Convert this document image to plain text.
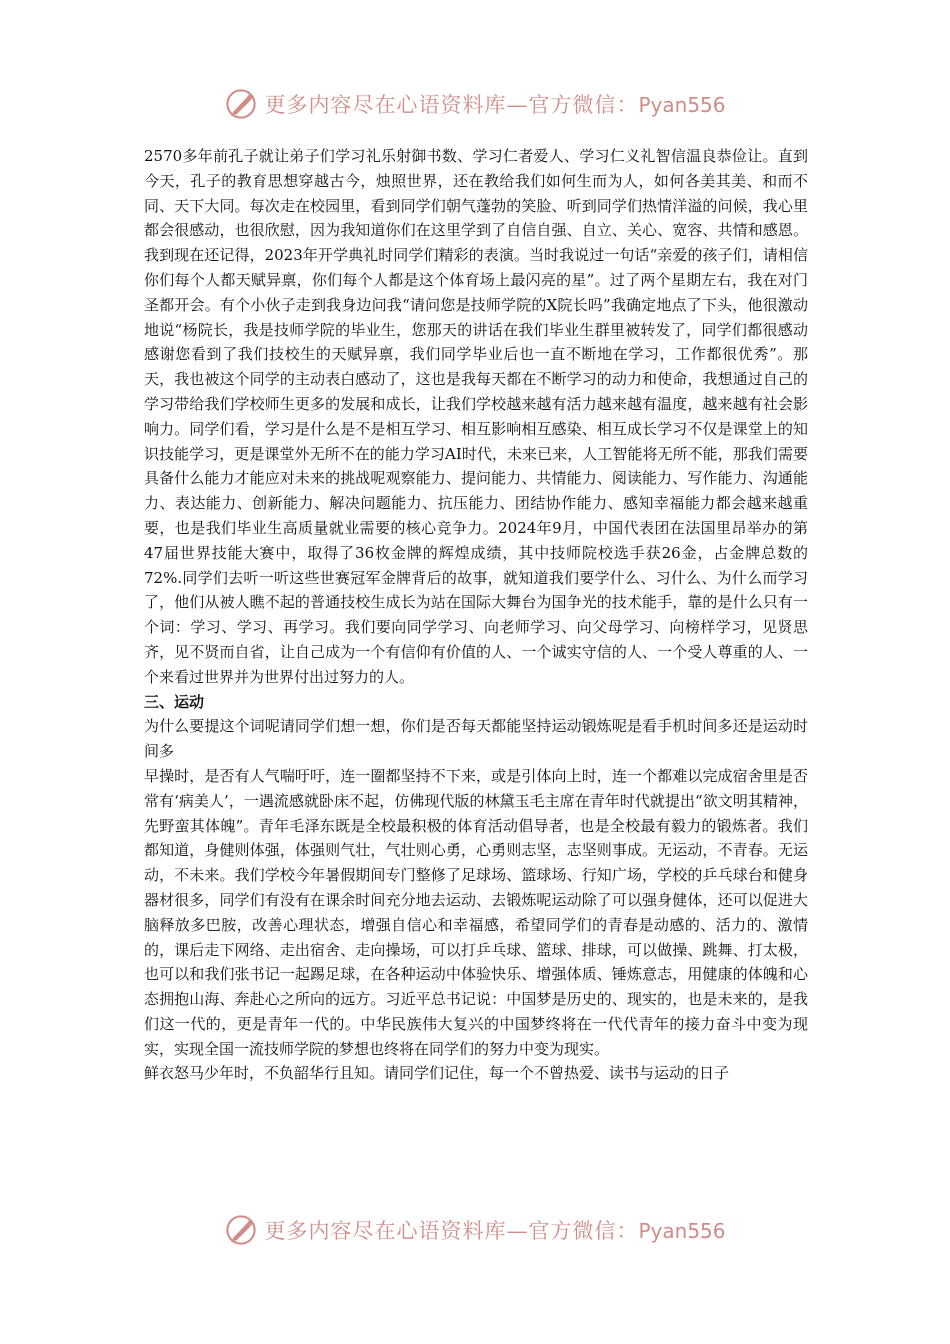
更多内容尽在心语资料库—官方微信：Pyan556

2570多年前孔子就让弟子们学习礼乐射御书数、学习仁者爱人、学习仁义礼智信温良恭俭让。直到今天，孔子的教育思想穿越古今，烛照世界，还在教给我们如何生而为人，如何各美其美、和而不同、天下大同。每次走在校园里，看到同学们朝气蓬勃的笑脸、听到同学们热情洋溢的问候，我心里都会很感动，也很欣慰，因为我知道你们在这里学到了自信自强、自立、关心、宽容、共情和感恩。我到现在还记得，2023年开学典礼时同学们精彩的表演。当时我说过一句话“亲爱的孩子们，请相信你们每个人都天赋异禀，你们每个人都是这个体育场上最闪亮的星”。过了两个星期左右，我在对门圣都开会。有个小伙子走到我身边问我“请问您是技师学院的X院长吗”我确定地点了下头，他很激动地说“杨院长，我是技师学院的毕业生，您那天的讲话在我们毕业生群里被转发了，同学们都很感动感谢您看到了我们技校生的天赋异禀，我们同学毕业后也一直不断地在学习，工作都很优秀”。那天，我也被这个同学的主动表白感动了，这也是我每天都在不断学习的动力和使命，我想通过自己的学习带给我们学校师生更多的发展和成长，让我们学校越来越有活力越来越有温度，越来越有社会影响力。同学们看，学习是什么是不是相互学习、相互影响相互感染、相互成长学习不仅是课堂上的知识技能学习，更是课堂外无所不在的能力学习AI时代，未来已来，人工智能将无所不能，那我们需要具备什么能力才能应对未来的挑战呢观察能力、提问能力、共情能力、阅读能力、写作能力、沟通能力、表达能力、创新能力、解决问题能力、抗压能力、团结协作能力、感知幸福能力都会越来越重要，也是我们毕业生高质量就业需要的核心竞争力。2024年9月，中国代表团在法国里昂举办的第47届世界技能大赛中，取得了36枚金牌的辉煌成绩，其中技师院校选手获26金，占金牌总数的72%.同学们去听一听这些世赛冠军金牌背后的故事，就知道我们要学什么、习什么、为什么而学习了，他们从被人瞧不起的普通技校生成长为站在国际大舞台为国争光的技术能手，靠的是什么只有一个词：学习、学习、再学习。我们要向同学学习、向老师学习、向父母学习、向榜样学习，见贤思齐，见不贤而自省，让自己成为一个有信仰有价值的人、一个诚实守信的人、一个受人尊重的人、一个来看过世界并为世界付出过努力的人。

三、运动

为什么要提这个词呢请同学们想一想，你们是否每天都能坚持运动锻炼呢是看手机时间多还是运动时间多

早操时，是否有人气喘吁吁，连一圈都坚持不下来，或是引体向上时，连一个都难以完成宿舍里是否常有‘病美人’，一遇流感就卧床不起，仿佛现代版的林黛玉毛主席在青年时代就提出“欲文明其精神，先野蛮其体魄”。青年毛泽东既是全校最积极的体育活动倡导者，也是全校最有毅力的锻炼者。我们都知道，身健则体强，体强则气壮，气壮则心勇，心勇则志坚，志坚则事成。无运动，不青春。无运动，不未来。我们学校今年暑假期间专门整修了足球场、篮球场、行知广场，学校的乒乓球台和健身器材很多，同学们有没有在课余时间充分地去运动、去锻炼呢运动除了可以强身健体，还可以促进大脑释放多巴胺，改善心理状态，增强自信心和幸福感，希望同学们的青春是动感的、活力的、激情的，课后走下网络、走出宿舍、走向操场，可以打乒乓球、篮球、排球，可以做操、跳舞、打太极，也可以和我们张书记一起踢足球，在各种运动中体验快乐、增强体质、锤炼意志，用健康的体魄和心态拥抱山海、奔赴心之所向的远方。习近平总书记说：中国梦是历史的、现实的，也是未来的，是我们这一代的，更是青年一代的。中华民族伟大复兴的中国梦终将在一代代青年的接力奋斗中变为现实，实现全国一流技师学院的梦想也终将在同学们的努力中变为现实。

鲜衣怒马少年时，不负韶华行且知。请同学们记住，每一个不曾热爱、读书与运动的日子

更多内容尽在心语资料库—官方微信：Pyan556
